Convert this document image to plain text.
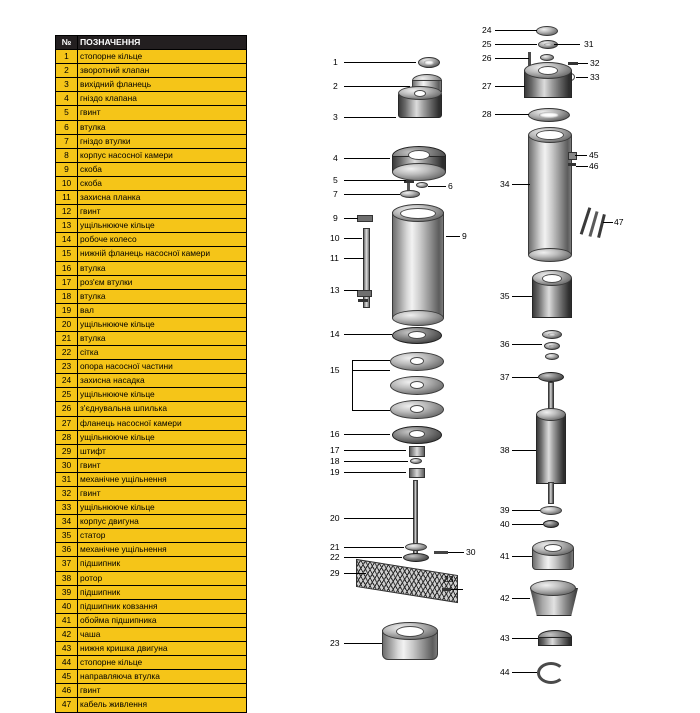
№	ПОЗНАЧЕННЯ
1	стопорне кільце
2	зворотний клапан
3	вихідний фланець
4	гніздо клапана
5	гвинт
6	втулка
7	гніздо втулки
8	корпус насосної камери
9	скоба
10	скоба
11	захисна планка
12	гвинт
13	ущільнююче кільце
14	робоче колесо
15	нижній фланець насосної камери
16	втулка
17	роз'єм втулки
18	втулка
19	вал
20	ущільнююче кільце
21	втулка
22	сітка
23	опора насосної частини
24	захисна насадка
25	ущільнююче кільце
26	з'єднувальна шпилька
27	фланець насосної камери
28	ущільнююче кільце
29	штифт
30	гвинт
31	механічне ущільнення
32	гвинт
33	ущільнююче кільце
34	корпус двигуна
35	статор
36	механічне ущільнення
37	підшипник
38	ротор
39	підшипник
40	підшипник ковзання
41	обойма підшипника
42	чаша
43	нижня кришка двигуна
44	стопорне кільце
45	направляюча втулка
46	гвинт
47	кабель живлення
1
2
3
4
5
7
6
9
9
10
11
13
14
15
16
17
18
19
20
21
22
29
30
23
23
24
25
26
31
32
33
27
28
34
45
46
47
35
36
37
38
39
40
41
42
43
44
